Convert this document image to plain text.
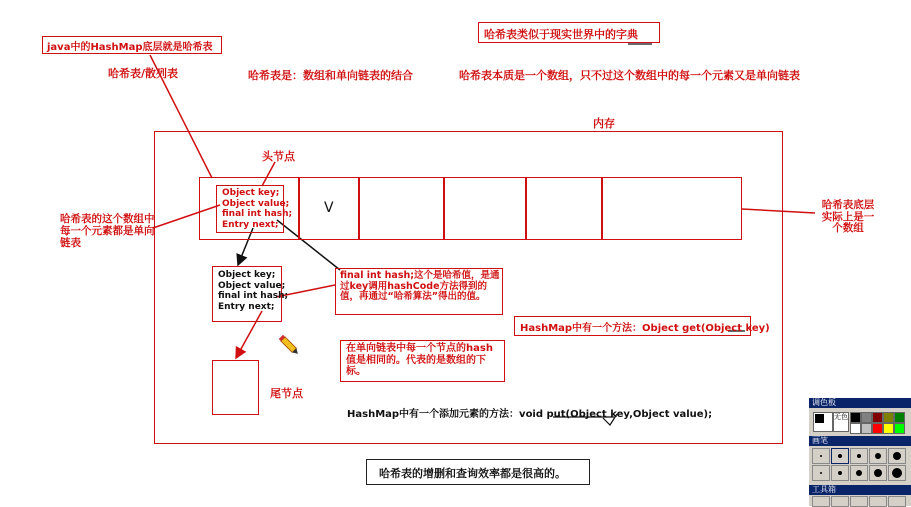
java中的HashMap底层就是哈希表
哈希表/散列表	哈希表是：数组和单向链表的结合
哈希表类似于现实世界中的字典
哈希表本质是一个数组，只不过这个数组中的每一个元素又是单向链表
内存
V
头节点
Object key;
Object value;
final int hash;
Entry next;
哈希表的这个数组中每一个元素都是单向链表
哈希表底层实际上是一个数组
Object key;
Object value;
final int hash;
Entry next;
final int hash;这个是哈希值，是通过key调用hashCode方法得到的值，再通过“哈希算法”得出的值。
HashMap中有一个方法：Object get(Object key)
在单向链表中每一个节点的hash值是相同的。代表的是数组的下标。
尾节点
HashMap中有一个添加元素的方法：void put(Object key,Object value);
哈希表的增删和查询效率都是很高的。
调色板
无色
画笔
工具箱
